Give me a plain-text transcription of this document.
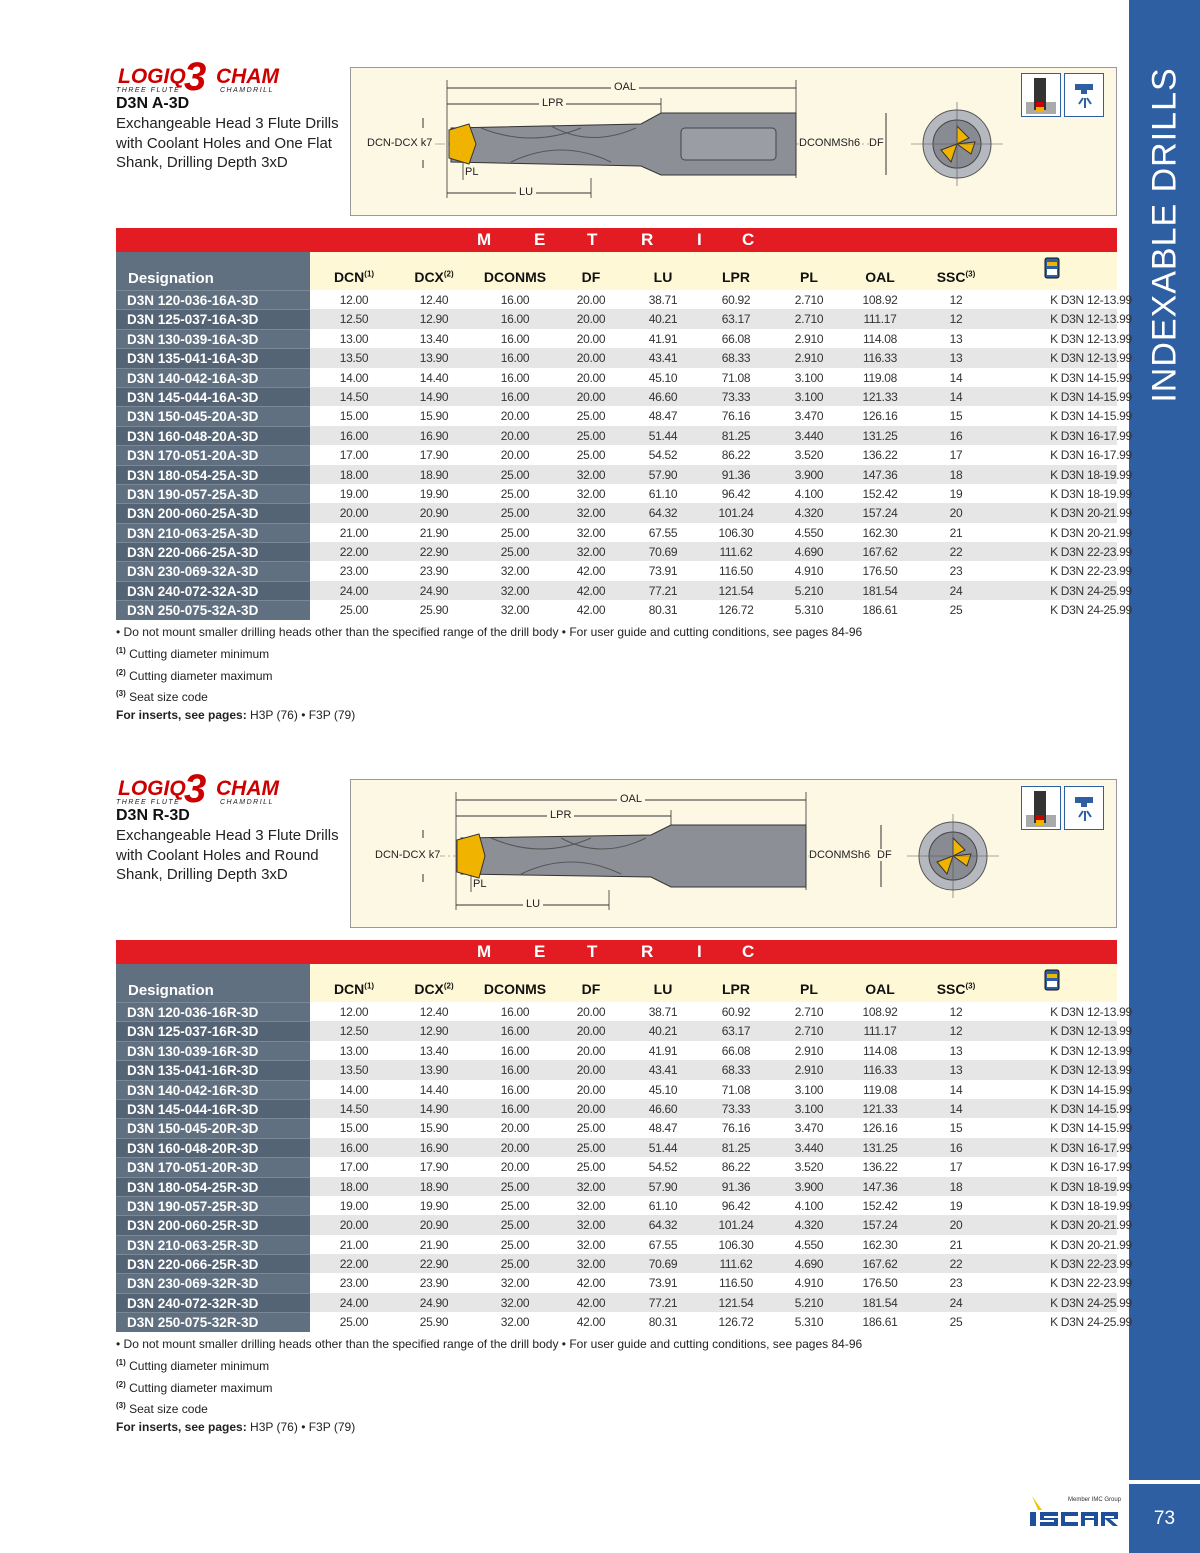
INDEXABLE DRILLS
73
Member IMC Group
LOGIQ
3 CHAM
THREE FLUTE	CHAMDRILL
D3N A-3D
Exchangeable Head 3 Flute Drills with Coolant Holes and One Flat Shank, Drilling Depth 3xD
OAL
LPR
DCN-DCX k7
PL
LU
DCONMSh6 DF
M	E T	R	I C
Designation	DCN$^{(1)}$	DCX$^{(2)}$	DCONMS	DF	LU	LPR	PL	OAL	SSC$^{(3)}$
D3N 120-036-16A-3D	12.00	12.40	16.00	20.00	38.71	60.92	2.710	108.92	12	K D3N 12-13.99
D3N 125-037-16A-3D	12.50	12.90	16.00	20.00	40.21	63.17	2.710	111.17	12	K D3N 12-13.99
D3N 130-039-16A-3D	13.00	13.40	16.00	20.00	41.91	66.08	2.910	114.08	13	K D3N 12-13.99
D3N 135-041-16A-3D	13.50	13.90	16.00	20.00	43.41	68.33	2.910	116.33	13	K D3N 12-13.99
D3N 140-042-16A-3D	14.00	14.40	16.00	20.00	45.10	71.08	3.100	119.08	14	K D3N 14-15.99
D3N 145-044-16A-3D	14.50	14.90	16.00	20.00	46.60	73.33	3.100	121.33	14	K D3N 14-15.99
D3N 150-045-20A-3D	15.00	15.90	20.00	25.00	48.47	76.16	3.470	126.16	15	K D3N 14-15.99
D3N 160-048-20A-3D	16.00	16.90	20.00	25.00	51.44	81.25	3.440	131.25	16	K D3N 16-17.99
D3N 170-051-20A-3D	17.00	17.90	20.00	25.00	54.52	86.22	3.520	136.22	17	K D3N 16-17.99
D3N 180-054-25A-3D	18.00	18.90	25.00	32.00	57.90	91.36	3.900	147.36	18	K D3N 18-19.99
D3N 190-057-25A-3D	19.00	19.90	25.00	32.00	61.10	96.42	4.100	152.42	19	K D3N 18-19.99
D3N 200-060-25A-3D	20.00	20.90	25.00	32.00	64.32	101.24	4.320	157.24	20	K D3N 20-21.99
D3N 210-063-25A-3D	21.00	21.90	25.00	32.00	67.55	106.30	4.550	162.30	21	K D3N 20-21.99
D3N 220-066-25A-3D	22.00	22.90	25.00	32.00	70.69	111.62	4.690	167.62	22	K D3N 22-23.99
D3N 230-069-32A-3D	23.00	23.90	32.00	42.00	73.91	116.50	4.910	176.50	23	K D3N 22-23.99
D3N 240-072-32A-3D	24.00	24.90	32.00	42.00	77.21	121.54	5.210	181.54	24	K D3N 24-25.99
D3N 250-075-32A-3D	25.00	25.90	32.00	42.00	80.31	126.72	5.310	186.61	25	K D3N 24-25.99
• Do not mount smaller drilling heads other than the specified range of the drill body • For user guide and cutting conditions, see pages 84-96
$^{(1)}$ Cutting diameter minimum
$^{(2)}$ Cutting diameter maximum
$^{(3)}$ Seat size code
For inserts, see pages: H3P (76) • F3P (79)
LOGIQ
3 CHAM
THREE FLUTE	CHAMDRILL
D3N R-3D
Exchangeable Head 3 Flute Drills with Coolant Holes and Round Shank, Drilling Depth 3xD
OAL
LPR
DCN-DCX k7
PL
LU
DCONMSh6 DF
M	E T	R	I C
Designation	DCN$^{(1)}$	DCX$^{(2)}$	DCONMS	DF	LU	LPR	PL	OAL	SSC$^{(3)}$
D3N 120-036-16R-3D	12.00	12.40	16.00	20.00	38.71	60.92	2.710	108.92	12	K D3N 12-13.99
D3N 125-037-16R-3D	12.50	12.90	16.00	20.00	40.21	63.17	2.710	111.17	12	K D3N 12-13.99
D3N 130-039-16R-3D	13.00	13.40	16.00	20.00	41.91	66.08	2.910	114.08	13	K D3N 12-13.99
D3N 135-041-16R-3D	13.50	13.90	16.00	20.00	43.41	68.33	2.910	116.33	13	K D3N 12-13.99
D3N 140-042-16R-3D	14.00	14.40	16.00	20.00	45.10	71.08	3.100	119.08	14	K D3N 14-15.99
D3N 145-044-16R-3D	14.50	14.90	16.00	20.00	46.60	73.33	3.100	121.33	14	K D3N 14-15.99
D3N 150-045-20R-3D	15.00	15.90	20.00	25.00	48.47	76.16	3.470	126.16	15	K D3N 14-15.99
D3N 160-048-20R-3D	16.00	16.90	20.00	25.00	51.44	81.25	3.440	131.25	16	K D3N 16-17.99
D3N 170-051-20R-3D	17.00	17.90	20.00	25.00	54.52	86.22	3.520	136.22	17	K D3N 16-17.99
D3N 180-054-25R-3D	18.00	18.90	25.00	32.00	57.90	91.36	3.900	147.36	18	K D3N 18-19.99
D3N 190-057-25R-3D	19.00	19.90	25.00	32.00	61.10	96.42	4.100	152.42	19	K D3N 18-19.99
D3N 200-060-25R-3D	20.00	20.90	25.00	32.00	64.32	101.24	4.320	157.24	20	K D3N 20-21.99
D3N 210-063-25R-3D	21.00	21.90	25.00	32.00	67.55	106.30	4.550	162.30	21	K D3N 20-21.99
D3N 220-066-25R-3D	22.00	22.90	25.00	32.00	70.69	111.62	4.690	167.62	22	K D3N 22-23.99
D3N 230-069-32R-3D	23.00	23.90	32.00	42.00	73.91	116.50	4.910	176.50	23	K D3N 22-23.99
D3N 240-072-32R-3D	24.00	24.90	32.00	42.00	77.21	121.54	5.210	181.54	24	K D3N 24-25.99
D3N 250-075-32R-3D	25.00	25.90	32.00	42.00	80.31	126.72	5.310	186.61	25	K D3N 24-25.99
• Do not mount smaller drilling heads other than the specified range of the drill body • For user guide and cutting conditions, see pages 84-96
$^{(1)}$ Cutting diameter minimum
$^{(2)}$ Cutting diameter maximum
$^{(3)}$ Seat size code
For inserts, see pages: H3P (76) • F3P (79)
